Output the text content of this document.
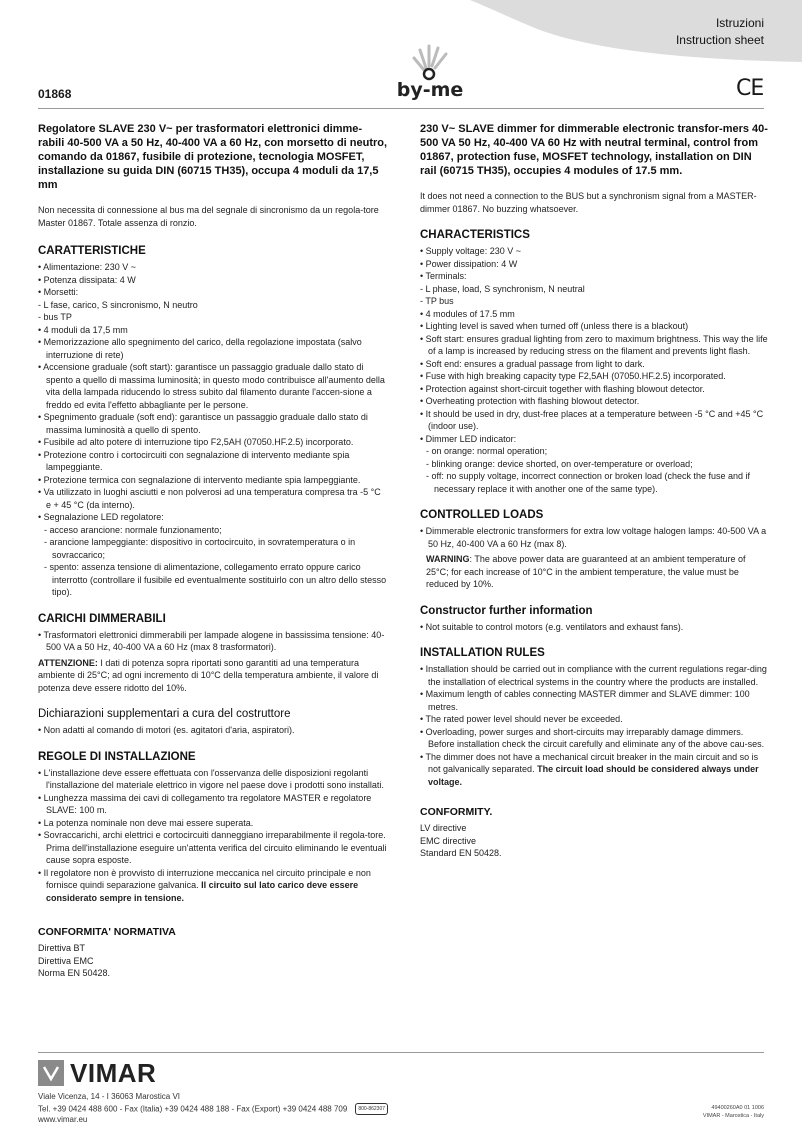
Istruzioni
Instruction sheet
01868	by-me	CE
Regolatore SLAVE 230 V~ per trasformatori elettronici dimme-rabili 40-500 VA a 50 Hz, 40-400 VA a 60 Hz, con morsetto di neutro, comando da 01867, fusibile di protezione, tecnologia MOSFET, installazione su guida DIN (60715 TH35), occupa 4 moduli da 17,5 mm
Non necessita di connessione al bus ma del segnale di sincronismo da un regola-tore Master 01867. Totale assenza di ronzio.
CARATTERISTICHE
• Alimentazione: 230 V ~
• Potenza dissipata: 4 W
• Morsetti:
- L fase, carico, S sincronismo, N neutro
- bus TP
• 4 moduli da 17,5 mm
• Memorizzazione allo spegnimento del carico, della regolazione impostata (salvo interruzione di rete)
• Accensione graduale (soft start): garantisce un passaggio graduale dallo stato di spento a quello di massima luminosità; in questo modo contribuisce all'aumento della vita della lampada riducendo lo stress subito dal filamento durante l'accen-sione a freddo ed evita l'effetto abbagliante per le persone.
• Spegnimento graduale (soft end): garantisce un passaggio graduale dallo stato di massima luminosità a quello di spento.
• Fusibile ad alto potere di interruzione tipo F2,5AH (07050.HF.2.5) incorporato.
• Protezione contro i cortocircuiti con segnalazione di intervento mediante spia lampeggiante.
• Protezione termica con segnalazione di intervento mediante spia lampeggiante.
• Va utilizzato in luoghi asciutti e non polverosi ad una temperatura compresa tra -5 °C e + 45 °C (da interno).
• Segnalazione LED regolatore:
- acceso arancione: normale funzionamento;
- arancione lampeggiante: dispositivo in cortocircuito, in sovratemperatura o in sovraccarico;
- spento: assenza tensione di alimentazione, collegamento errato oppure carico interrotto (controllare il fusibile ed eventualmente sostituirlo con un altro dello stesso tipo).
CARICHI DIMMERABILI
• Trasformatori elettronici dimmerabili per lampade alogene in bassissima tensione: 40-500 VA a 50 Hz, 40-400 VA a 60 Hz (max 8 trasformatori).
ATTENZIONE: I dati di potenza sopra riportati sono garantiti ad una temperatura ambiente di 25°C; ad ogni incremento di 10°C della temperatura ambiente, il valore di potenza deve essere ridotto del 10%.
Dichiarazioni supplementari a cura del costruttore
• Non adatti al comando di motori (es. agitatori d'aria, aspiratori).
REGOLE DI INSTALLAZIONE
• L'installazione deve essere effettuata con l'osservanza delle disposizioni regolanti l'installazione del materiale elettrico in vigore nel paese dove i prodotti sono installati.
• Lunghezza massima dei cavi di collegamento tra regolatore MASTER e regolatore SLAVE: 100 m.
• La potenza nominale non deve mai essere superata.
• Sovraccarichi, archi elettrici e cortocircuiti danneggiano irreparabilmente il regola-tore. Prima dell'installazione eseguire un'attenta verifica del circuito eliminando le eventuali cause sopra esposte.
• Il regolatore non è provvisto di interruzione meccanica nel circuito principale e non fornisce quindi separazione galvanica. Il circuito sul lato carico deve essere considerato sempre in tensione.
CONFORMITA' NORMATIVA
Direttiva BT
Direttiva EMC
Norma EN 50428.
230 V~ SLAVE dimmer for dimmerable electronic transfor-mers 40-500 VA 50 Hz, 40-400 VA 60 Hz with neutral terminal, control from 01867, protection fuse, MOSFET technology, installation on DIN rail (60715 TH35), occupies 4 modules of 17.5 mm.
It does not need a connection to the BUS but a synchronism signal from a MASTER-dimmer 01867. No buzzing whatsoever.
CHARACTERISTICS
• Supply voltage: 230 V ~
• Power dissipation: 4 W
• Terminals:
- L phase, load, S synchronism, N neutral
- TP bus
• 4 modules of 17.5 mm
• Lighting level is saved when turned off (unless there is a blackout)
• Soft start: ensures gradual lighting from zero to maximum brightness. This way the life of a lamp is increased by reducing stress on the filament and prevents light flash.
• Soft end: ensures a gradual passage from light to dark.
• Fuse with high breaking capacity type F2,5AH (07050.HF.2.5) incorporated.
• Protection against short-circuit together with flashing blowout detector.
• Overheating protection with flashing blowout detector.
• It should be used in dry, dust-free places at a temperature between -5 °C and +45 °C (indoor use).
• Dimmer LED indicator:
- on orange: normal operation;
- blinking orange: device shorted, on over-temperature or overload;
- off: no supply voltage, incorrect connection or broken load (check the fuse and if necessary replace it with another one of the same type).
CONTROLLED LOADS
• Dimmerable electronic transformers for extra low voltage halogen lamps: 40-500 VA a 50 Hz, 40-400 VA a 60 Hz (max 8).
WARNING: The above power data are guaranteed at an ambient temperature of 25°C; for each increase of 10°C in the ambient temperature, the value must be reduced by 10%.
Constructor further information
• Not suitable to control motors (e.g. ventilators and exhaust fans).
INSTALLATION RULES
• Installation should be carried out in compliance with the current regulations regar-ding the installation of electrical systems in the country where the products are installed.
• Maximum length of cables connecting MASTER dimmer and SLAVE dimmer: 100 metres.
• The rated power level should never be exceeded.
• Overloading, power surges and short-circuits may irreparably damage dimmers. Before installation check the circuit carefully and eliminate any of the above cau-ses.
• The dimmer does not have a mechanical circuit breaker in the main circuit and so is not galvanically separated. The circuit load should be considered always under voltage.
CONFORMITY.
LV directive
EMC directive
Standard EN 50428.
VIMAR
Viale Vicenza, 14 - I 36063 Marostica VI
Tel. +39 0424 488 600 - Fax (Italia) +39 0424 488 188 - Fax (Export) +39 0424 488 709 800-862307
www.vimar.eu
49400260A0 01 1006
VIMAR - Marostica - Italy
